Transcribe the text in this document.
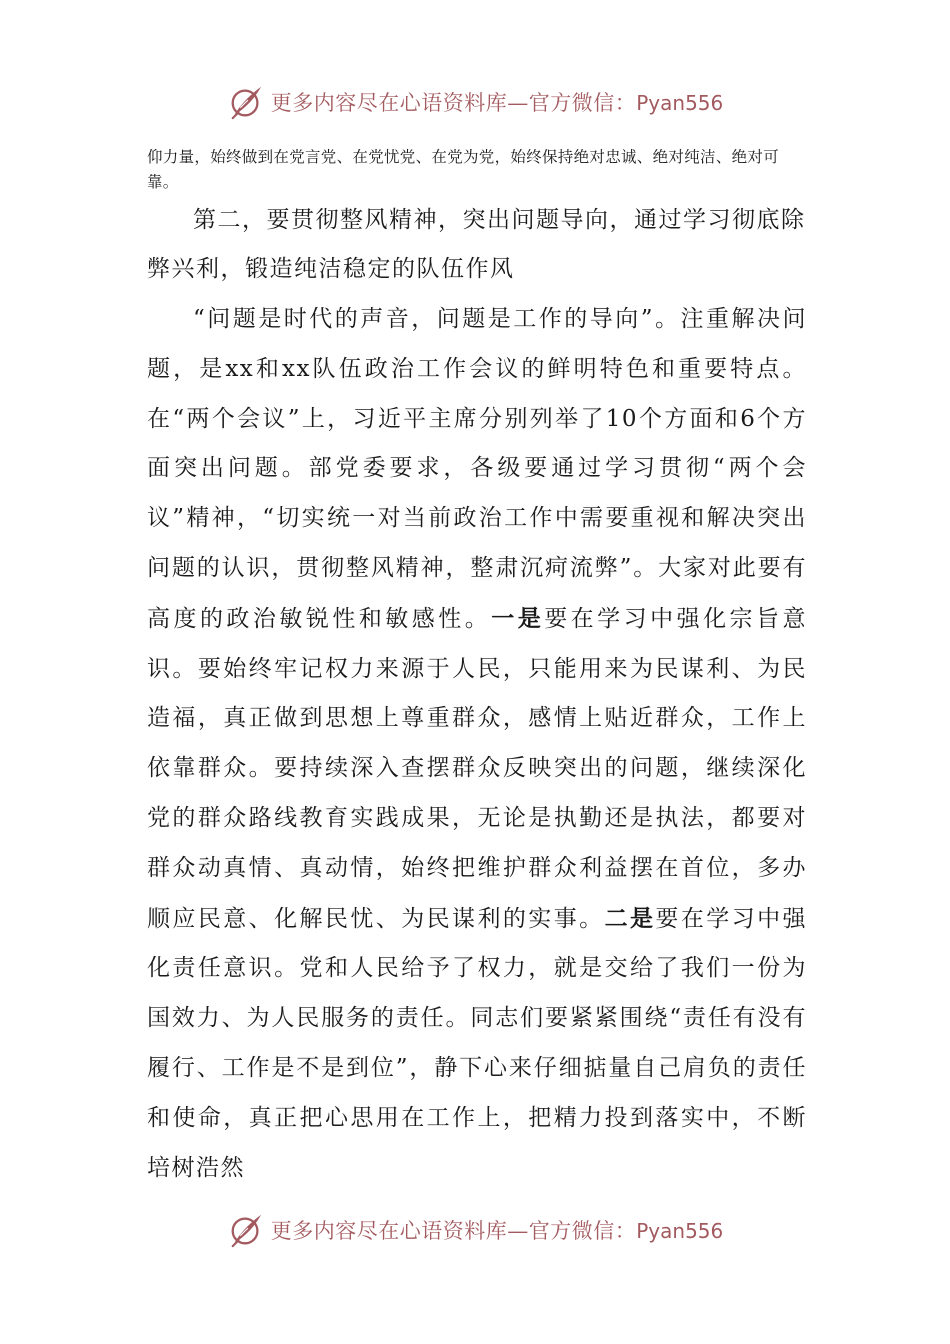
更多内容尽在心语资料库—官方微信：Pyan556

仰力量，始终做到在党言党、在党忧党、在党为党，始终保持绝对忠诚、绝对纯洁、绝对可靠。

第二，要贯彻整风精神，突出问题导向，通过学习彻底除弊兴利，锻造纯洁稳定的队伍作风

“问题是时代的声音，问题是工作的导向”。注重解决问题，是xx和xx队伍政治工作会议的鲜明特色和重要特点。在“两个会议”上，习近平主席分别列举了10个方面和6个方面突出问题。部党委要求，各级要通过学习贯彻“两个会议”精神，“切实统一对当前政治工作中需要重视和解决突出问题的认识，贯彻整风精神，整肃沉疴流弊”。大家对此要有高度的政治敏锐性和敏感性。一是要在学习中强化宗旨意识。要始终牢记权力来源于人民，只能用来为民谋利、为民造福，真正做到思想上尊重群众，感情上贴近群众，工作上依靠群众。要持续深入查摆群众反映突出的问题，继续深化党的群众路线教育实践成果，无论是执勤还是执法，都要对群众动真情、真动情，始终把维护群众利益摆在首位，多办顺应民意、化解民忧、为民谋利的实事。二是要在学习中强化责任意识。党和人民给予了权力，就是交给了我们一份为国效力、为人民服务的责任。同志们要紧紧围绕“责任有没有履行、工作是不是到位”，静下心来仔细掂量自己肩负的责任和使命，真正把心思用在工作上，把精力投到落实中，不断培树浩然

更多内容尽在心语资料库—官方微信：Pyan556
